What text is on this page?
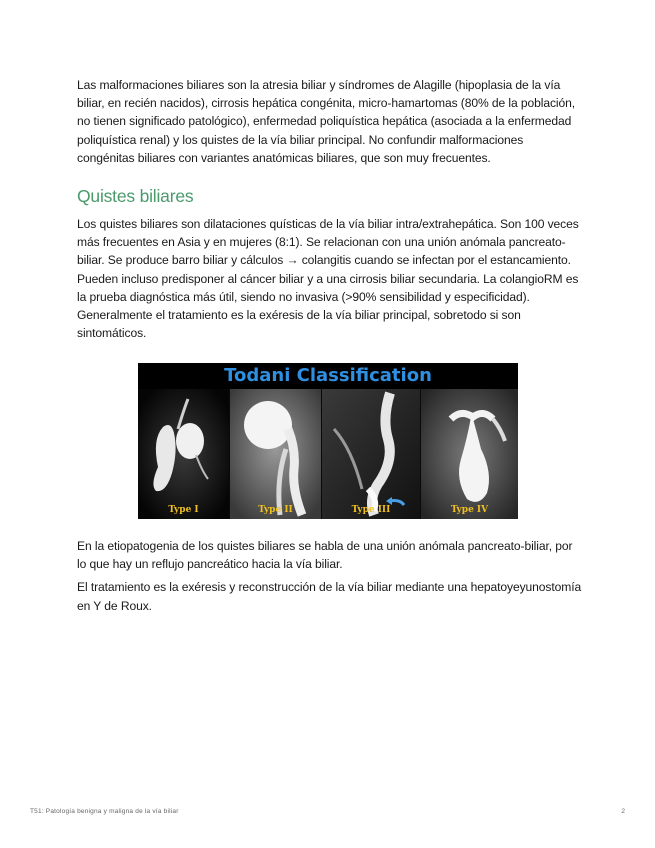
Las malformaciones biliares son la atresia biliar y síndromes de Alagille (hipoplasia de la vía biliar, en recién nacidos), cirrosis hepática congénita, micro-hamartomas (80% de la población, no tienen significado patológico), enfermedad poliquística hepática (asociada a la enfermedad poliquística renal) y los quistes de la vía biliar principal. No confundir malformaciones congénitas biliares con variantes anatómicas biliares, que son muy frecuentes.

Quistes biliares

Los quistes biliares son dilataciones quísticas de la vía biliar intra/extrahepática. Son 100 veces más frecuentes en Asia y en mujeres (8:1). Se relacionan con una unión anómala pancreato-biliar. Se produce barro biliar y cálculos → colangitis cuando se infectan por el estancamiento. Pueden incluso predisponer al cáncer biliar y a una cirrosis biliar secundaria. La colangioRM es la prueba diagnóstica más útil, siendo no invasiva (>90% sensibilidad y especificidad). Generalmente el tratamiento es la exéresis de la vía biliar principal, sobretodo si son sintomáticos.

Todani Classification
Type I	Type II	Type III	Type IV

En la etiopatogenia de los quistes biliares se habla de una unión anómala pancreato-biliar, por lo que hay un reflujo pancreático hacia la vía biliar.

El tratamiento es la exéresis y reconstrucción de la vía biliar mediante una hepatoyeyunostomía en Y de Roux.

T51: Patología benigna y maligna de la vía biliar	2
